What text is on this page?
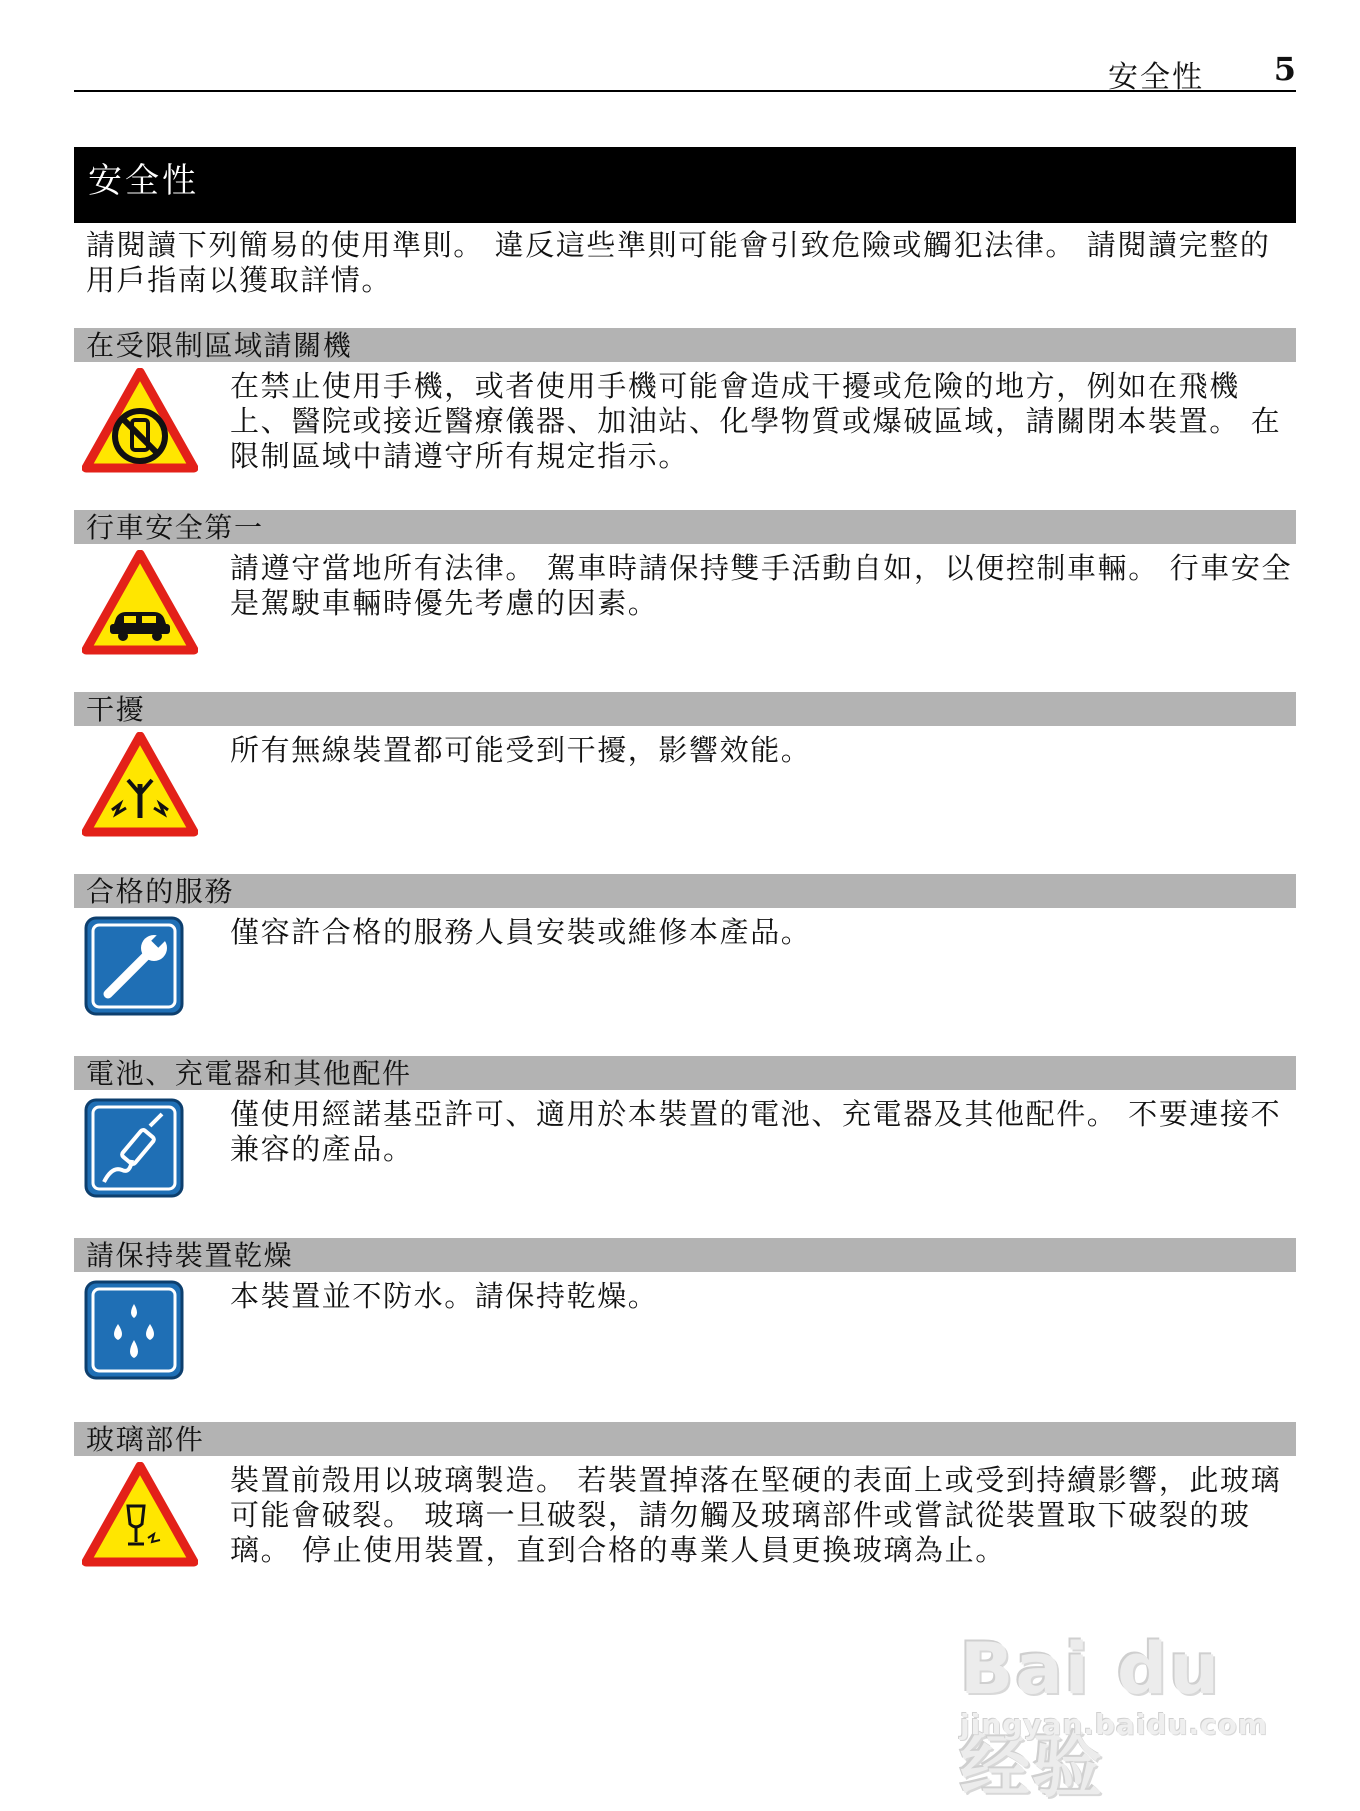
安全性 5
安全性
請閱讀下列簡易的使用準則。 違反這些準則可能會引致危險或觸犯法律。 請閱讀完整的用戶指南以獲取詳情。
在受限制區域請關機
在禁止使用手機，或者使用手機可能會造成干擾或危險的地方，例如在飛機上、醫院或接近醫療儀器、加油站、化學物質或爆破區域，請關閉本裝置。 在限制區域中請遵守所有規定指示。
行車安全第一
請遵守當地所有法律。 駕車時請保持雙手活動自如，以便控制車輛。 行車安全是駕駛車輛時優先考慮的因素。
干擾
所有無線裝置都可能受到干擾，影響效能。
合格的服務
僅容許合格的服務人員安裝或維修本產品。
電池、充電器和其他配件
僅使用經諾基亞許可、適用於本裝置的電池、充電器及其他配件。 不要連接不兼容的產品。
請保持裝置乾燥
本裝置並不防水。請保持乾燥。
玻璃部件
裝置前殼用以玻璃製造。 若裝置掉落在堅硬的表面上或受到持續影響，此玻璃可能會破裂。 玻璃一旦破裂，請勿觸及玻璃部件或嘗試從裝置取下破裂的玻璃。 停止使用裝置，直到合格的專業人員更換玻璃為止。
Bai du 经验
jingyan.baidu.com
